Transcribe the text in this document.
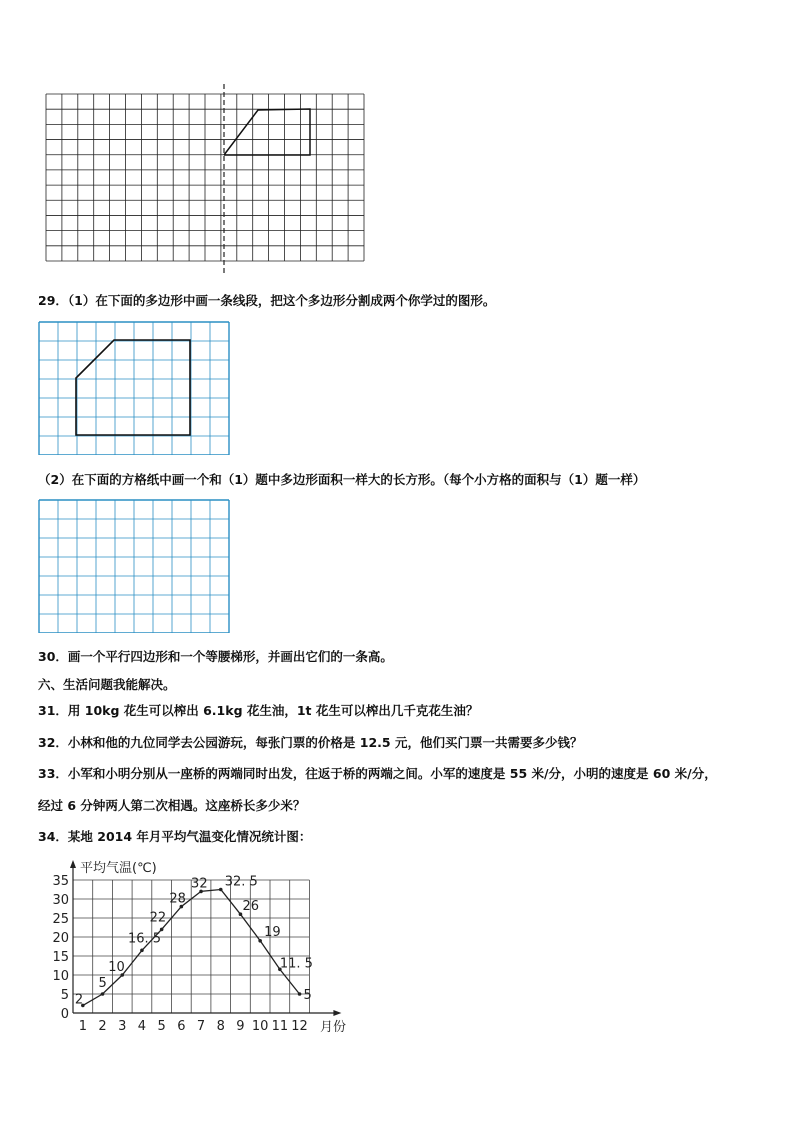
29．（1）在下面的多边形中画一条线段，把这个多边形分割成两个你学过的图形。
（2）在下面的方格纸中画一个和（1）题中多边形面积一样大的长方形。（每个小方格的面积与（1）题一样）
30．画一个平行四边形和一个等腰梯形，并画出它们的一条高。
六、生活问题我能解决。
31．用 10kg 花生可以榨出 6.1kg 花生油，1t 花生可以榨出几千克花生油？
32．小林和他的九位同学去公园游玩，每张门票的价格是 12.5 元，他们买门票一共需要多少钱？
33．小军和小明分别从一座桥的两端同时出发，往返于桥的两端之间。小军的速度是 55 米/分，小明的速度是 60 米/分，
经过 6 分钟两人第二次相遇。这座桥长多少米？
34．某地 2014 年月平均气温变化情况统计图：
平均气温(℃)
月份
0
5
10
15
20
25
30
35
1 2 3 4 5 6 7 8 9 10 11 12
2
5
10
16. 5
22
28
32 32. 5
26
19
11. 5
5
